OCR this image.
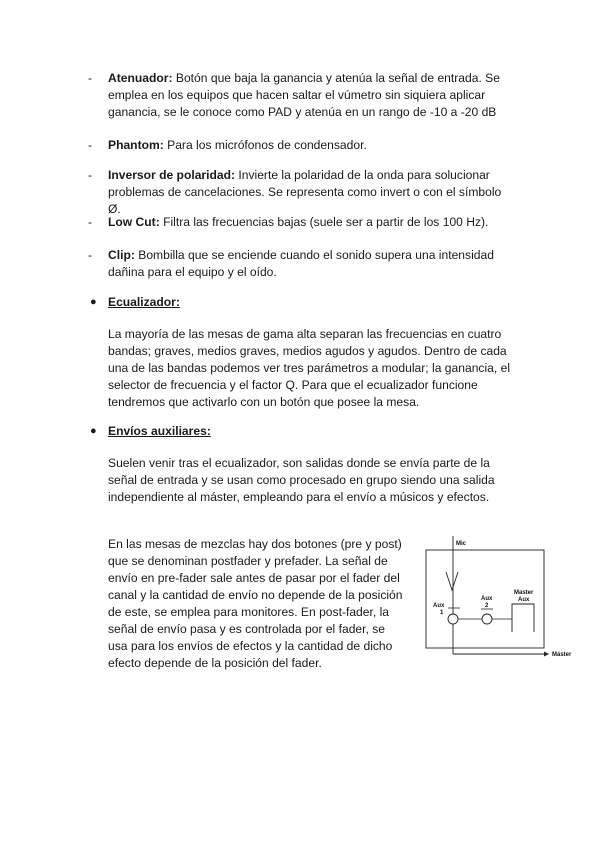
- Atenuador: Botón que baja la ganancia y atenúa la señal de entrada. Se emplea en los equipos que hacen saltar el vúmetro sin siquiera aplicar ganancia, se le conoce como PAD y atenúa en un rango de -10 a -20 dB
- Phantom: Para los micrófonos de condensador.
- Inversor de polaridad: Invierte la polaridad de la onda para solucionar problemas de cancelaciones. Se representa como invert o con el símbolo Ø.
- Low Cut: Filtra las frecuencias bajas (suele ser a partir de los 100 Hz).
- Clip: Bombilla que se enciende cuando el sonido supera una intensidad dañina para el equipo y el oído.
● Ecualizador:
La mayoría de las mesas de gama alta separan las frecuencias en cuatro bandas; graves, medios graves, medios agudos y agudos. Dentro de cada una de las bandas podemos ver tres parámetros a modular; la ganancia, el selector de frecuencia y el factor Q. Para que el ecualizador funcione tendremos que activarlo con un botón que posee la mesa.
● Envíos auxiliares:
Suelen venir tras el ecualizador, son salidas donde se envía parte de la señal de entrada y se usan como procesado en grupo siendo una salida independiente al máster, empleando para el envío a músicos y efectos.
En las mesas de mezclas hay dos botones (pre y post) que se denominan postfader y prefader. La señal de envío en pre-fader sale antes de pasar por el fader del canal y la cantidad de envío no depende de la posición de este, se emplea para monitores. En post-fader, la señal de envío pasa y es controlada por el fader, se usa para los envíos de efectos y la cantidad de dicho efecto depende de la posición del fader.
Mic
Aux
1
Aux
2
Master
Aux
Máster
